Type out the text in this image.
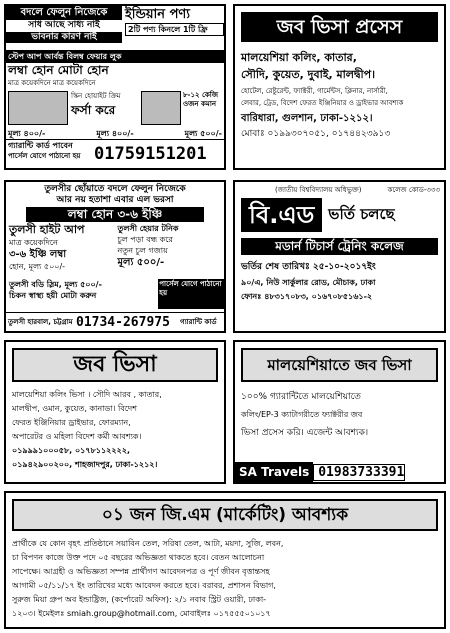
বদলে ফেলুন নিজেকে
সাধ আছে সাধ্য নাই
ভাবনার কারণ নাই
ইন্ডিয়ান পণ্য
2টি পণ্য কিনলে 1টি ফ্রি
স্টেপ আপ আর্বন্ত বিলম্ব ফেয়ার লুক
লম্বা হোন মোটা হোন
মাত্র কয়েকদিনে মাত্র কয়েকদিনে
স্কিন হোয়াইট ক্রিম
ফর্সা করে
৮-১২ কেজি ওজন কমান
মূল্য ৪০০/-	মূল্য ৪০০/-	মূল্য ৫০০/-
গ্যারান্টি কার্ড পাবেন
পার্সেল যোগে পাঠানো হয় 01759151201
জব ভিসা প্রসেস
মালয়েশিয়া কলিং, কাতার,
সৌদি, কুয়েত, দুবাই, মালদ্বীপ।
হোটেল, রেষ্টুরেন্ট, ফ্যাক্টরী, গার্মেন্টস, ক্লিনার, নার্সারী,
লেবার, ট্রেড, বিদেশ ফেরত ইঞ্জিনিয়ার ও ড্রাইভার আবশ্যক
বারিধারা, গুলশান, ঢাকা-১২১২।
মোবাঃ ০১৯৯৩০৭০৫১, ০১৭৪৪২৩৯১৩
তুলসীর ছোঁয়াতে বদলে ফেলুন নিজেকে
আর নয় হতাশা এবার এল ভরসা
লম্বা হোন ৩-৬ ইঞ্চি
তুলসী হাইট আপ
মাত্র কয়েকদিনে
৩-৬ ইঞ্চি লম্বা
হোন, মূল্য ৫০০/-
তুলসী হেয়ার টনিক
চুল পড়া বন্ধ করে
নতুন চুল গজায়
মূল্য ৫০০/-
তুলসী বডি স্লিম, মূল্য ৫০০/-
চিকন স্বাস্থ্য হয়ী মোটা করুন
পার্সেল যোগে পাঠানো হয়
তুলসী হারবাল, চট্টগ্রাম 01734-267975	গ্যারান্টি কার্ড
(জাতীয় বিশ্ববিদ্যালয় অধিভুক্ত)	কলেজ কোড-৩৩৩
বি.এড ভর্তি চলছে
মডার্ন টিচার্স ট্রেনিং কলেজ
ভর্তির শেষ তারিখঃ ২৫-১০-২০১৭ইং
৯০/এ, নিউ সার্কুলার রোড, মৌচাক, ঢাকা
ফোনঃ ৪৮৩১৭০৮৩, ০১৬৭০৮৫১৬১-২
জব ভিসা
মালয়েশিয়া কলিং ভিসা । সৌদি আরব , কাতার,
মালদ্বীপ, ওমান, কুয়েত, কানাডা। বিদেশ
ফেরত ইঞ্জিনিয়ার ড্রাইভার, ফোরম্যান,
অপারেটর ও মহিলা বিদেশ কর্মী আবশ্যক।
০১৯৯৯১০০০৫৮, ০১৭৮১১২২২২,
০১৯৪২৯০০২০০, শাহজাদপুর, ঢাকা-১২১২।
মালয়েশিয়াতে জব ভিসা
১০০% গ্যারান্টিতে মালয়েশিয়াতে
কলিং/EP-3 ক্যাটাগরীতে ফ্যাক্টরীর জব
ভিসা প্রসেস করি। এজেন্ট আবশ্যক।
SA Travels 01983733391
০১ জন জি.এম (মার্কেটিং) আবশ্যক
প্রার্থীকে যে কোন বৃহৎ প্রতিষ্ঠানে সয়াবিন তেল, সরিষা তেল, আটা, ময়দা, সুজি, লবন,
চা বিপণন কাজে উক্ত পদে ০৫ বছরের অভিজ্ঞতা থাকতে হবে। বেতন আলোচনা
সাপেক্ষে। আগ্রহী ও অভিজ্ঞতা সম্পন্ন প্রার্থীগণ আবেদনপত্র ও পূর্ণ জীবন বৃত্তান্তসহ
আগামী ০৫/১১/১৭ ইং তারিখের মধ্যে আবেদন করতে হবে। বরাবর, প্রশাসন বিভাগ,
সুরুজ মিয়া গ্রুপ অব ইন্ডাষ্ট্রিজ, (কর্পোরেট অফিস): ২/১ নবাব স্ট্রিট ওয়ারী, ঢাকা-
১২০৩। ইমেইলঃ smiah.group@hotmail.com, মোবাইলঃ ০১৭৫৫৫০১০১৭
